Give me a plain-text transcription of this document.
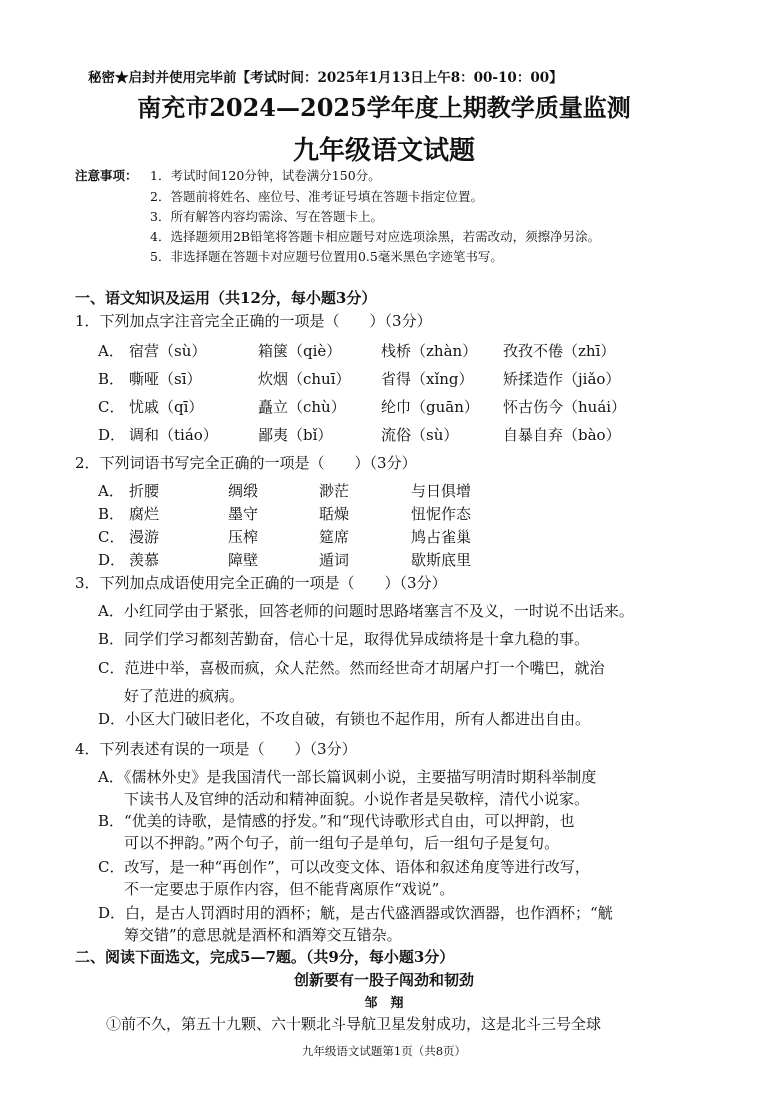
秘密★启封并使用完毕前【考试时间：2025年1月13日上午8：00-10：00】
南充市2024—2025学年度上期教学质量监测
九年级语文试题
注意事项： 1．考试时间120分钟，试卷满分150分。
2．答题前将姓名、座位号、准考证号填在答题卡指定位置。
3．所有解答内容均需涂、写在答题卡上。
4．选择题须用2B铅笔将答题卡相应题号对应选项涂黑，若需改动，须擦净另涂。
5．非选择题在答题卡对应题号位置用0.5毫米黑色字迹笔书写。
一、语文知识及运用（共12分，每小题3分）
1．下列加点字注音完全正确的一项是（　　）（3分）
A． 宿营（sù）	箱箧（qiè）	栈桥（zhàn） 孜孜不倦（zhī）
B． 嘶哑（sī）	炊烟（chuī） 省得（xǐng） 矫揉造作（jiǎo）
C． 忧戚（qī）	矗立（chù） 纶巾（guān） 怀古伤今（huái）
D． 调和（tiáo）	鄙夷（bǐ）	流俗（sù）	自暴自弃（bào）
2．下列词语书写完全正确的一项是（　　）（3分）
A． 折腰	绸缎	渺茫	与日俱增
B． 腐烂	墨守	聒燥	忸怩作态
C． 漫游	压榨	筵席	鸠占雀巢
D． 羡慕	障壁	遁词	歇斯底里
3．下列加点成语使用完全正确的一项是（　　）（3分）
A．小红同学由于紧张，回答老师的问题时思路堵塞言不及义，一时说不出话来。
B．同学们学习都刻苦勤奋，信心十足，取得优异成绩将是十拿九稳的事。
C．范进中举，喜极而疯，众人茫然。然而经世奇才胡屠户打一个嘴巴，就治
好了范进的疯病。
D．小区大门破旧老化，不攻自破，有锁也不起作用，所有人都进出自由。
4．下列表述有误的一项是（　　）（3分）
A．《儒林外史》是我国清代一部长篇讽刺小说，主要描写明清时期科举制度
下读书人及官绅的活动和精神面貌。小说作者是吴敬梓，清代小说家。
B．“优美的诗歌，是情感的抒发。”和“现代诗歌形式自由，可以押韵，也
可以不押韵。”两个句子，前一组句子是单句，后一组句子是复句。
C．改写，是一种“再创作”，可以改变文体、语体和叙述角度等进行改写，
不一定要忠于原作内容，但不能背离原作“戏说”。
D．白，是古人罚酒时用的酒杯；觥，是古代盛酒器或饮酒器，也作酒杯；“觥
筹交错”的意思就是酒杯和酒筹交互错杂。
二、阅读下面选文，完成5—7题。（共9分，每小题3分）
创新要有一股子闯劲和韧劲
邹　翔
①前不久，第五十九颗、六十颗北斗导航卫星发射成功，这是北斗三号全球
九年级语文试题第1页（共8页）
